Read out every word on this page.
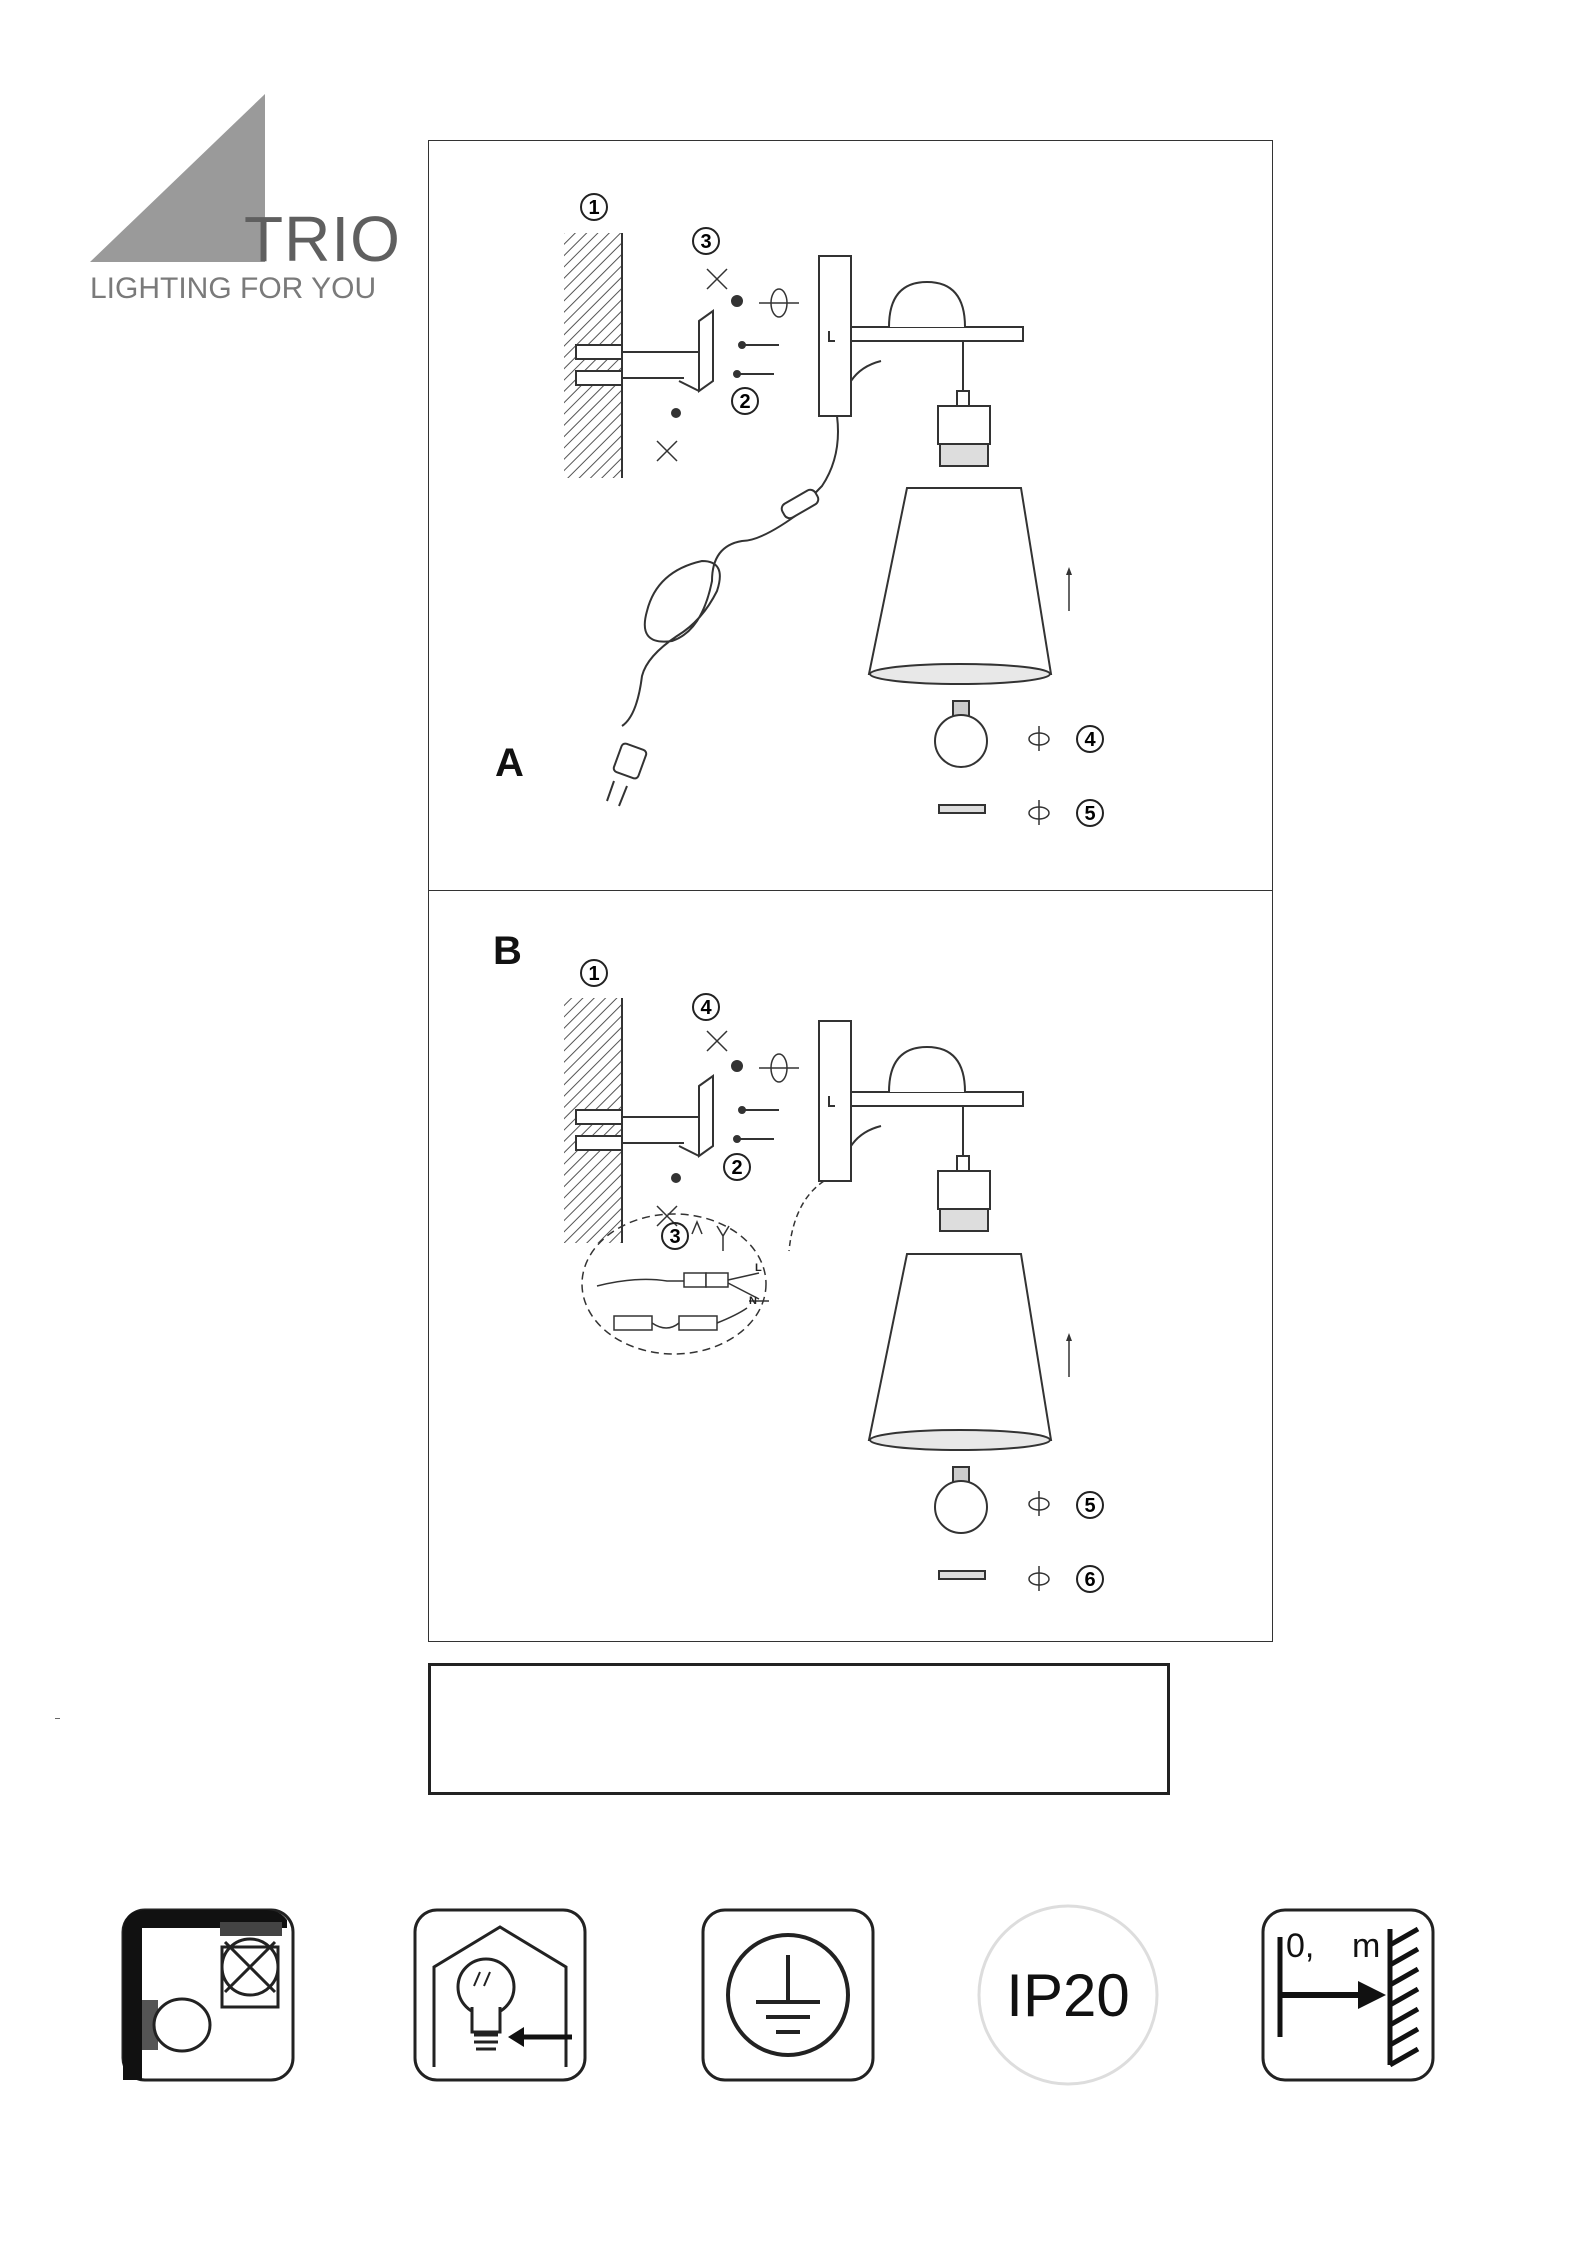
TRIO
LIGHTING FOR YOU
A
1
3
2
4
5
B
L
N
1
4
2
3
5
6
IP20
0, m
